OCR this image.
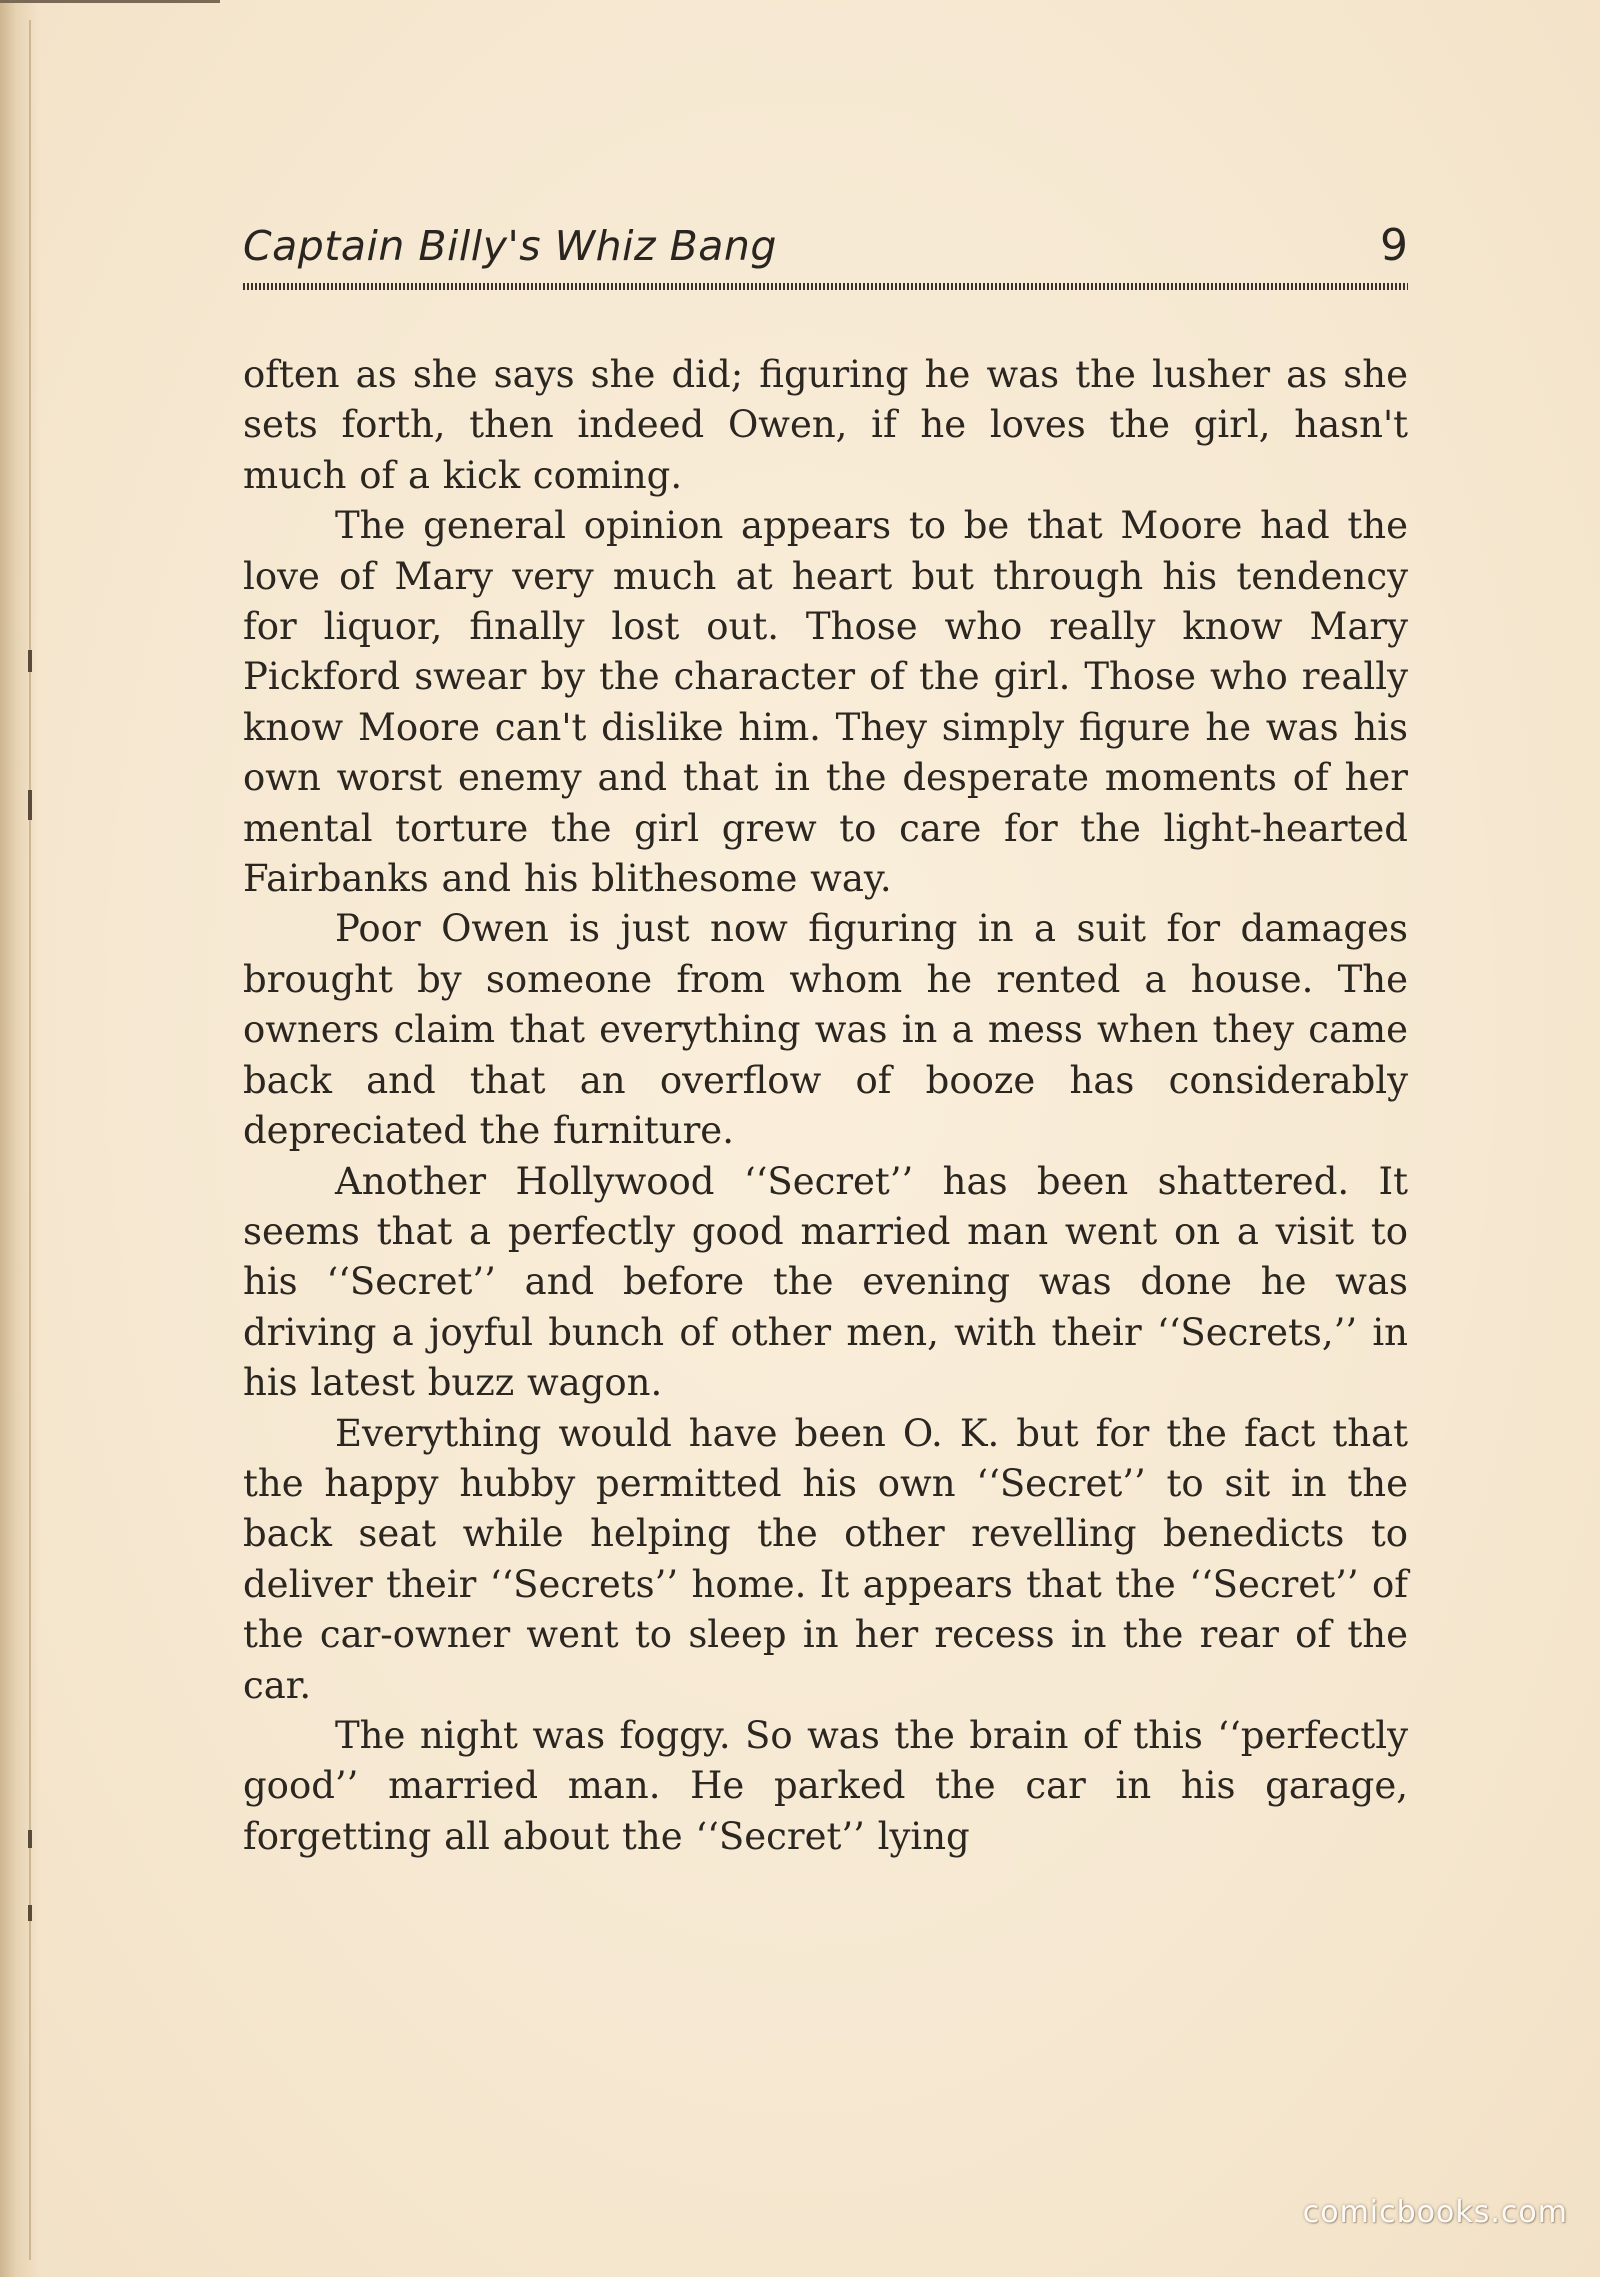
Captain Billy's Whiz Bang	9

often as she says she did; figuring he was the lusher as she sets forth, then indeed Owen, if he loves the girl, hasn't much of a kick coming.

The general opinion appears to be that Moore had the love of Mary very much at heart but through his tendency for liquor, finally lost out. Those who really know Mary Pickford swear by the character of the girl. Those who really know Moore can't dislike him. They simply figure he was his own worst enemy and that in the desperate moments of her mental torture the girl grew to care for the light-hearted Fairbanks and his blithesome way.

Poor Owen is just now figuring in a suit for damages brought by someone from whom he rented a house. The owners claim that everything was in a mess when they came back and that an overflow of booze has considerably depreciated the furniture.

Another Hollywood ‘‘Secret’’ has been shattered. It seems that a perfectly good married man went on a visit to his ‘‘Secret’’ and before the evening was done he was driving a joyful bunch of other men, with their ‘‘Secrets,’’ in his latest buzz wagon.

Everything would have been O. K. but for the fact that the happy hubby permitted his own ‘‘Secret’’ to sit in the back seat while helping the other revelling benedicts to deliver their ‘‘Secrets’’ home. It appears that the ‘‘Secret’’ of the car-owner went to sleep in her recess in the rear of the car.

The night was foggy. So was the brain of this ‘‘perfectly good’’ married man. He parked the car in his garage, forgetting all about the ‘‘Secret’’ lying

comicbooks.com
